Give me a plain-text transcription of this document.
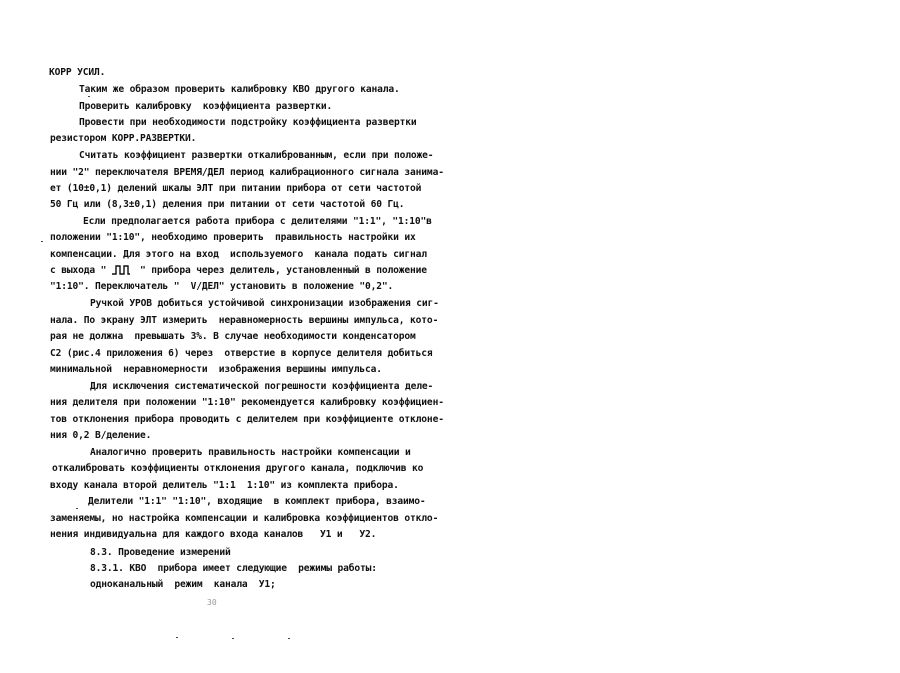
КОРР УСИЛ.
Таким же образом проверить калибровку КВО другого канала.
Проверить калибровку  коэффициента развертки.
Провести при необходимости подстройку коэффициента развертки
резистором КОРР.РАЗВЕРТКИ.
Считать коэффициент развертки откалиброванным, если при положе-
нии "2" переключателя ВРЕМЯ/ДЕЛ период калибрационного сигнала занима-
ет (10±0,1) делений шкалы ЭЛТ при питании прибора от сети частотой
50 Гц или (8,3±0,1) деления при питании от сети частотой 60 Гц.
Если предполагается работа прибора с делителями "1:1", "1:10"в
положении "1:10", необходимо проверить  правильность настройки их
компенсации. Для этого на вход  используемого  канала подать сигнал
с выхода "      " прибора через делитель, установленный в положение
"1:10". Переключатель "  V/ДЕЛ" установить в положение "0,2".
Ручкой УРОВ добиться устойчивой синхронизации изображения сиг-
нала. По экрану ЭЛТ измерить  неравномерность вершины импульса, кото-
рая не должна  превышать 3%. В случае необходимости конденсатором
С2 (рис.4 приложения 6) через  отверстие в корпусе делителя добиться
минимальной  неравномерности  изображения вершины импульса.
Для исключения систематической погрешности коэффициента деле-
ния делителя при положении "1:10" рекомендуется калибровку коэффициен-
тов отклонения прибора проводить с делителем при коэффициенте отклоне-
ния 0,2 В/деление.
Аналогично проверить правильность настройки компенсации и
откалибровать коэффициенты отклонения другого канала, подключив ко
входу канала второй делитель "1:1  1:10" из комплекта прибора.
Делители "1:1" "1:10", входящие  в комплект прибора, взаимо-
заменяемы, но настройка компенсации и калибровка коэффициентов откло-
нения индивидуальна для каждого входа каналов   У1 и   У2.
8.3. Проведение измерений
8.3.1. КВО  прибора имеет следующие  режимы работы:
одноканальный  режим  канала  У1;
30
